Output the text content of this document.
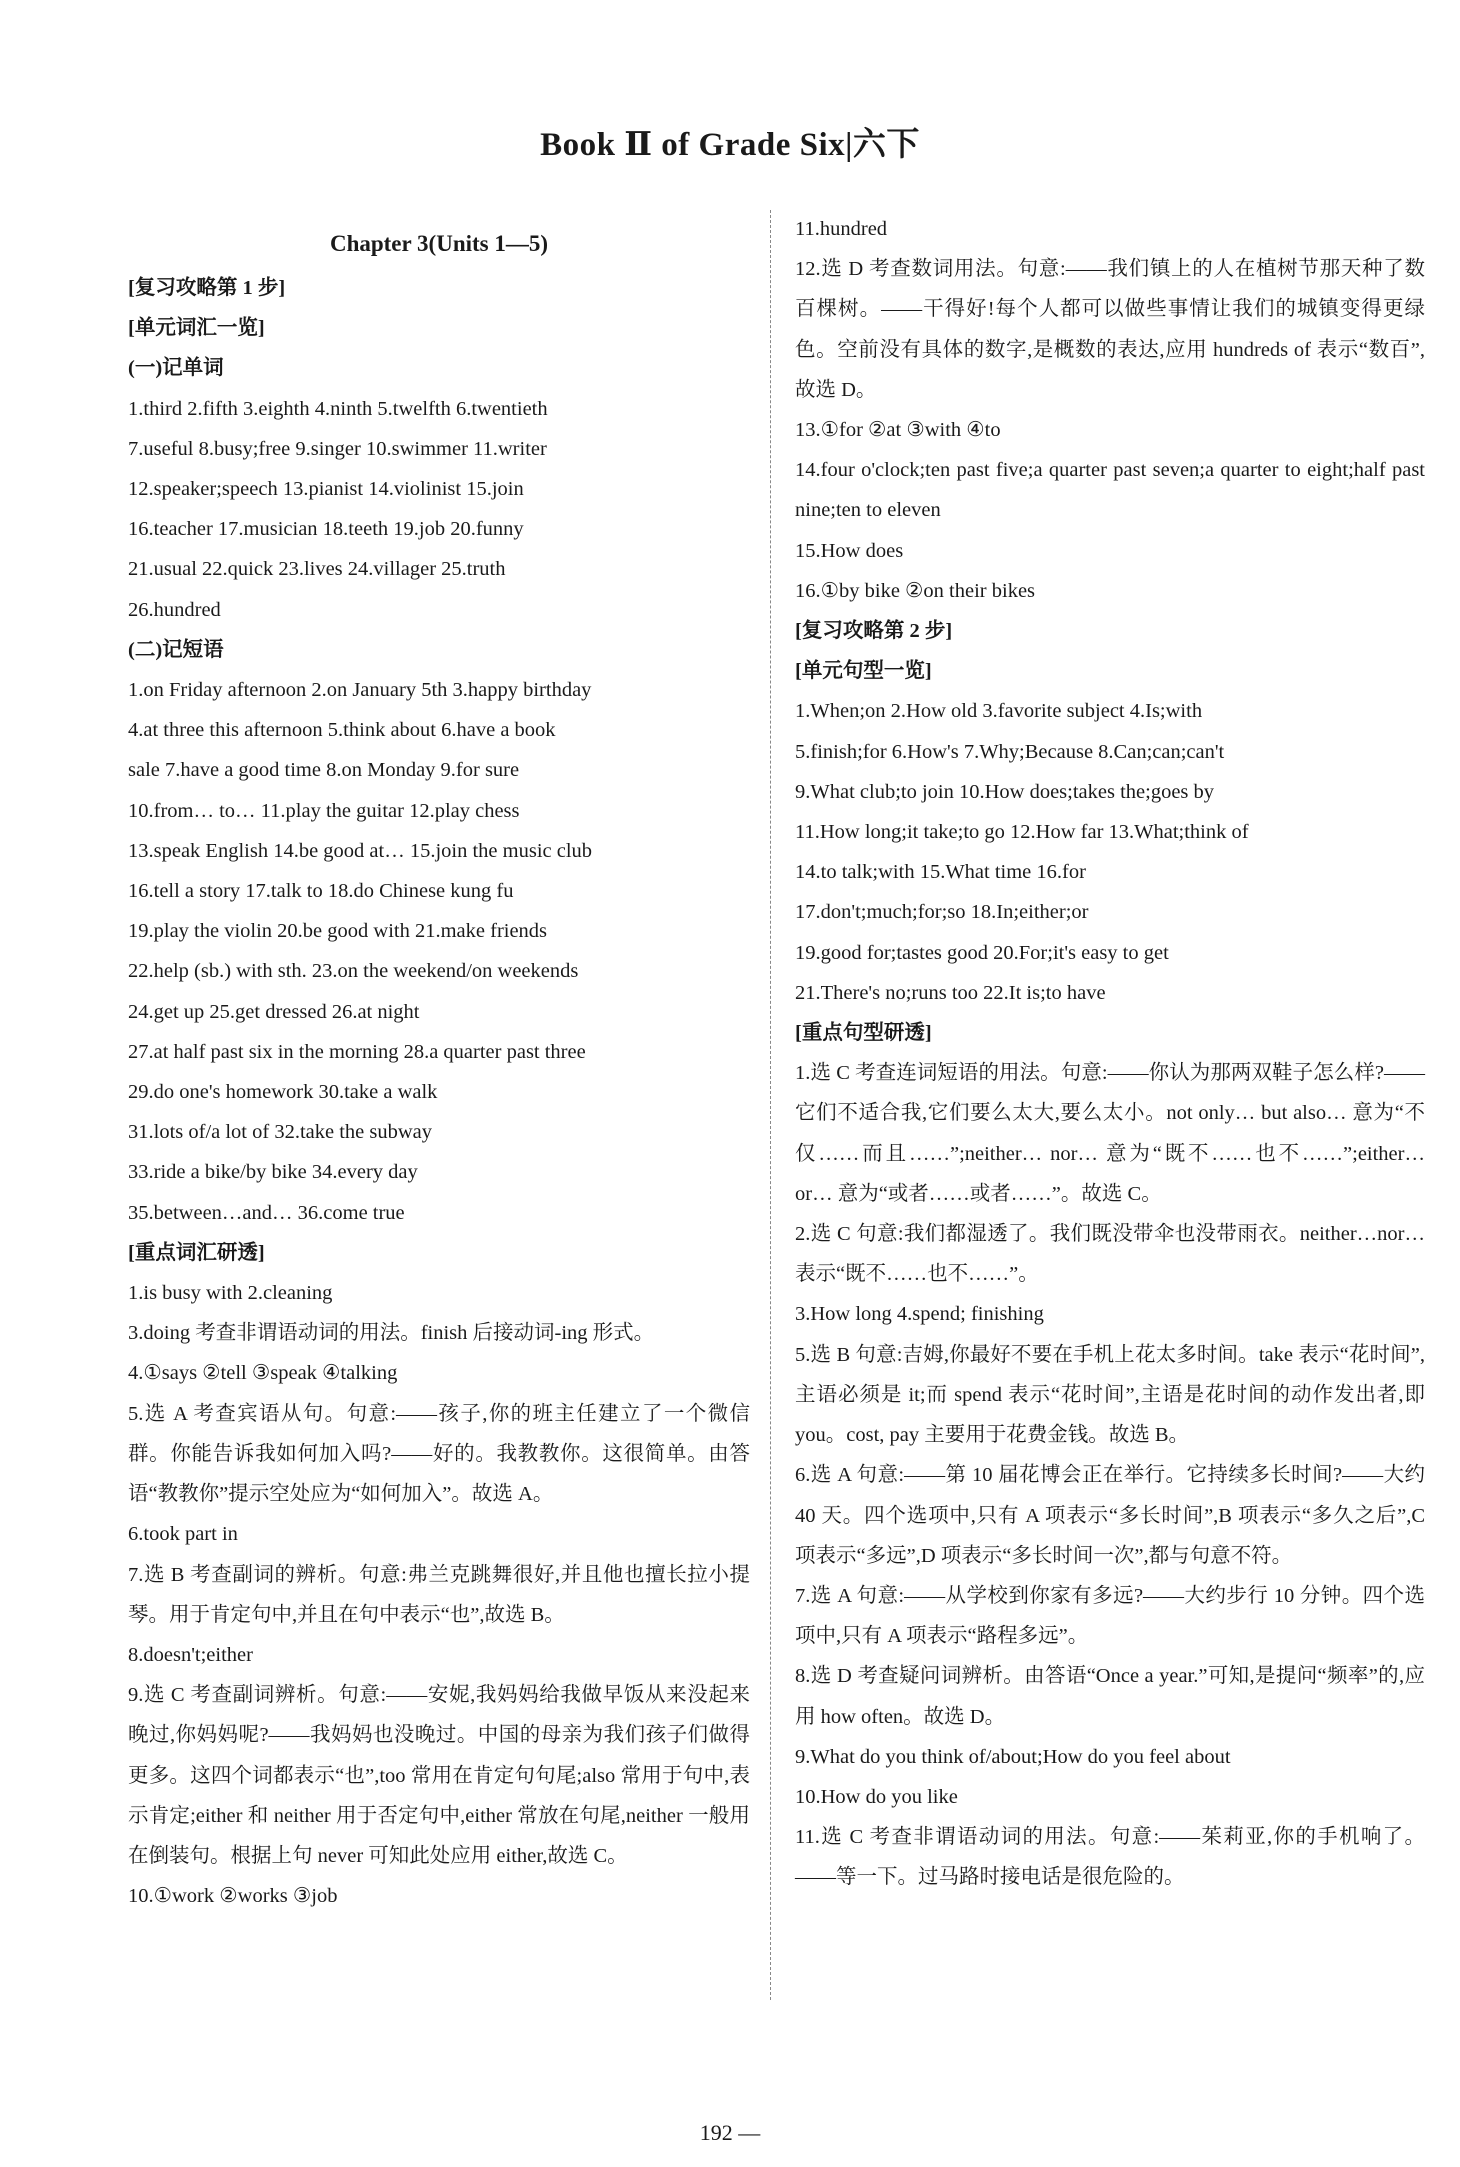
Book Ⅱ of Grade Six|六下
Chapter 3(Units 1—5)
[复习攻略第 1 步]
[单元词汇一览]
(一)记单词
1.third 2.fifth 3.eighth 4.ninth 5.twelfth 6.twentieth
7.useful 8.busy;free 9.singer 10.swimmer 11.writer
12.speaker;speech 13.pianist 14.violinist 15.join
16.teacher 17.musician 18.teeth 19.job 20.funny
21.usual 22.quick 23.lives 24.villager 25.truth
26.hundred
(二)记短语
1.on Friday afternoon 2.on January 5th 3.happy birthday
4.at three this afternoon 5.think about 6.have a book
sale 7.have a good time 8.on Monday 9.for sure
10.from… to… 11.play the guitar 12.play chess
13.speak English 14.be good at… 15.join the music club
16.tell a story 17.talk to 18.do Chinese kung fu
19.play the violin 20.be good with 21.make friends
22.help (sb.) with sth. 23.on the weekend/on weekends
24.get up 25.get dressed 26.at night
27.at half past six in the morning 28.a quarter past three
29.do one's homework 30.take a walk
31.lots of/a lot of 32.take the subway
33.ride a bike/by bike 34.every day
35.between…and… 36.come true
[重点词汇研透]
1.is busy with 2.cleaning
3.doing 考查非谓语动词的用法。finish 后接动词-ing 形式。
4.①says ②tell ③speak ④talking
5.选 A 考查宾语从句。句意:——孩子,你的班主任建立了一个微信群。你能告诉我如何加入吗?——好的。我教教你。这很简单。由答语“教教你”提示空处应为“如何加入”。故选 A。
6.took part in
7.选 B 考查副词的辨析。句意:弗兰克跳舞很好,并且他也擅长拉小提琴。用于肯定句中,并且在句中表示“也”,故选 B。
8.doesn't;either
9.选 C 考查副词辨析。句意:——安妮,我妈妈给我做早饭从来没起来晚过,你妈妈呢?——我妈妈也没晚过。中国的母亲为我们孩子们做得更多。这四个词都表示“也”,too 常用在肯定句句尾;also 常用于句中,表示肯定;either 和 neither 用于否定句中,either 常放在句尾,neither 一般用在倒装句。根据上句 never 可知此处应用 either,故选 C。
10.①work ②works ③job
11.hundred
12.选 D 考查数词用法。句意:——我们镇上的人在植树节那天种了数百棵树。——干得好!每个人都可以做些事情让我们的城镇变得更绿色。空前没有具体的数字,是概数的表达,应用 hundreds of 表示“数百”,故选 D。
13.①for ②at ③with ④to
14.four o'clock;ten past five;a quarter past seven;a quarter to eight;half past nine;ten to eleven
15.How does
16.①by bike ②on their bikes
[复习攻略第 2 步]
[单元句型一览]
1.When;on 2.How old 3.favorite subject 4.Is;with
5.finish;for 6.How's 7.Why;Because 8.Can;can;can't
9.What club;to join 10.How does;takes the;goes by
11.How long;it take;to go 12.How far 13.What;think of
14.to talk;with 15.What time 16.for
17.don't;much;for;so 18.In;either;or
19.good for;tastes good 20.For;it's easy to get
21.There's no;runs too 22.It is;to have
[重点句型研透]
1.选 C 考查连词短语的用法。句意:——你认为那两双鞋子怎么样?——它们不适合我,它们要么太大,要么太小。not only… but also… 意为“不仅……而且……”;neither… nor… 意为“既不……也不……”;either… or… 意为“或者……或者……”。故选 C。
2.选 C 句意:我们都湿透了。我们既没带伞也没带雨衣。neither…nor…表示“既不……也不……”。
3.How long 4.spend; finishing
5.选 B 句意:吉姆,你最好不要在手机上花太多时间。take 表示“花时间”,主语必须是 it;而 spend 表示“花时间”,主语是花时间的动作发出者,即 you。cost, pay 主要用于花费金钱。故选 B。
6.选 A 句意:——第 10 届花博会正在举行。它持续多长时间?——大约 40 天。四个选项中,只有 A 项表示“多长时间”,B 项表示“多久之后”,C 项表示“多远”,D 项表示“多长时间一次”,都与句意不符。
7.选 A 句意:——从学校到你家有多远?——大约步行 10 分钟。四个选项中,只有 A 项表示“路程多远”。
8.选 D 考查疑问词辨析。由答语“Once a year.”可知,是提问“频率”的,应用 how often。故选 D。
9.What do you think of/about;How do you feel about
10.How do you like
11.选 C 考查非谓语动词的用法。句意:——茱莉亚,你的手机响了。——等一下。过马路时接电话是很危险的。
192 —
